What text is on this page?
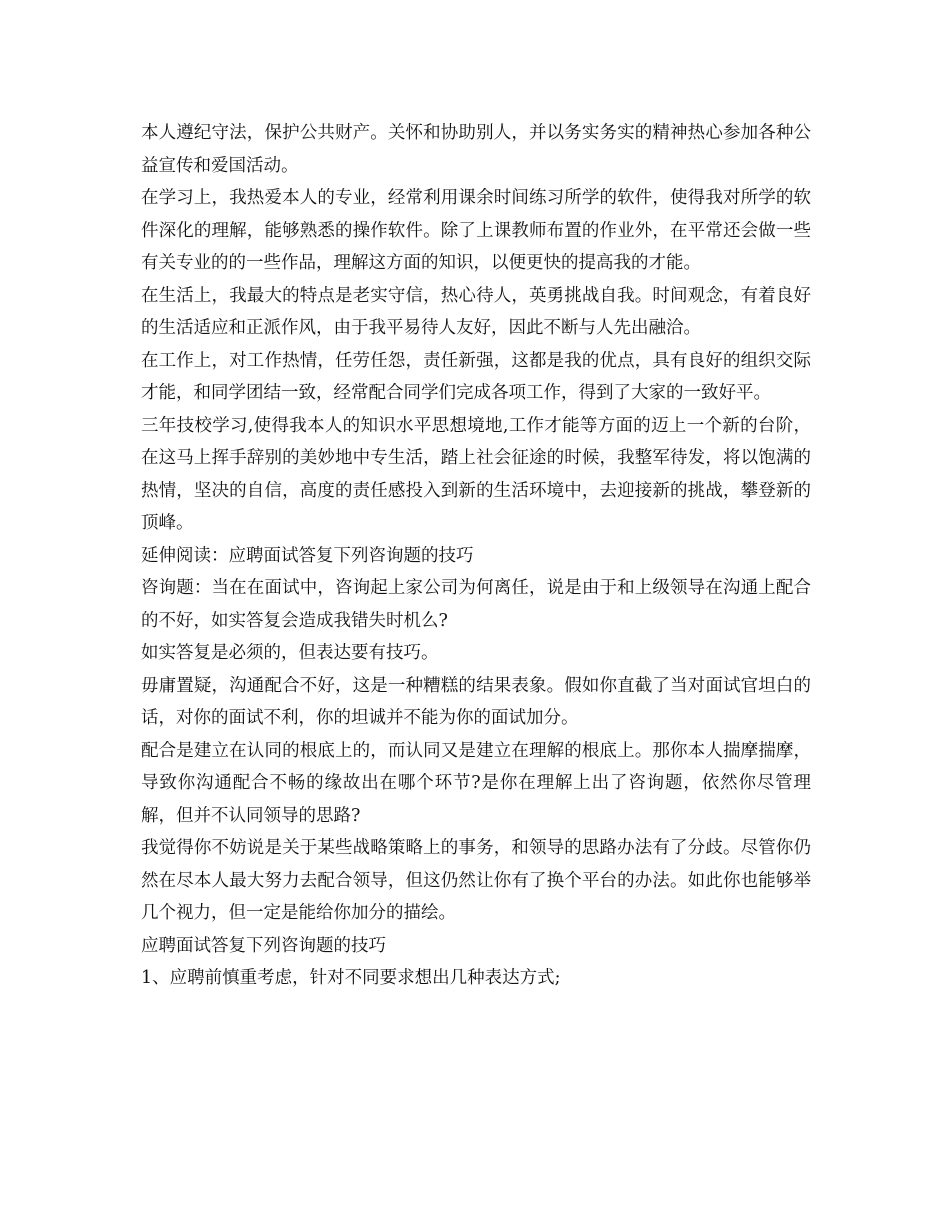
本人遵纪守法，保护公共财产。关怀和协助别人，并以务实务实的精神热心参加各种公益宣传和爱国活动。

在学习上，我热爱本人的专业，经常利用课余时间练习所学的软件，使得我对所学的软件深化的理解，能够熟悉的操作软件。除了上课教师布置的作业外，在平常还会做一些有关专业的的一些作品，理解这方面的知识，以便更快的提高我的才能。

在生活上，我最大的特点是老实守信，热心待人，英勇挑战自我。时间观念，有着良好的生活适应和正派作风，由于我平易待人友好，因此不断与人先出融洽。

在工作上，对工作热情，任劳任怨，责任新强，这都是我的优点，具有良好的组织交际才能，和同学团结一致，经常配合同学们完成各项工作，得到了大家的一致好平。

三年技校学习,使得我本人的知识水平思想境地,工作才能等方面的迈上一个新的台阶，在这马上挥手辞别的美妙地中专生活，踏上社会征途的时候，我整军待发，将以饱满的热情，坚决的自信，高度的责任感投入到新的生活环境中，去迎接新的挑战，攀登新的顶峰。

延伸阅读：应聘面试答复下列咨询题的技巧

咨询题：当在在面试中，咨询起上家公司为何离任，说是由于和上级领导在沟通上配合的不好，如实答复会造成我错失时机么?

如实答复是必须的，但表达要有技巧。

毋庸置疑，沟通配合不好，这是一种糟糕的结果表象。假如你直截了当对面试官坦白的话，对你的面试不利，你的坦诚并不能为你的面试加分。

配合是建立在认同的根底上的，而认同又是建立在理解的根底上。那你本人揣摩揣摩，导致你沟通配合不畅的缘故出在哪个环节?是你在理解上出了咨询题，依然你尽管理解，但并不认同领导的思路?

我觉得你不妨说是关于某些战略策略上的事务，和领导的思路办法有了分歧。尽管你仍然在尽本人最大努力去配合领导，但这仍然让你有了换个平台的办法。如此你也能够举几个视力，但一定是能给你加分的描绘。

应聘面试答复下列咨询题的技巧

1、应聘前慎重考虑，针对不同要求想出几种表达方式;
